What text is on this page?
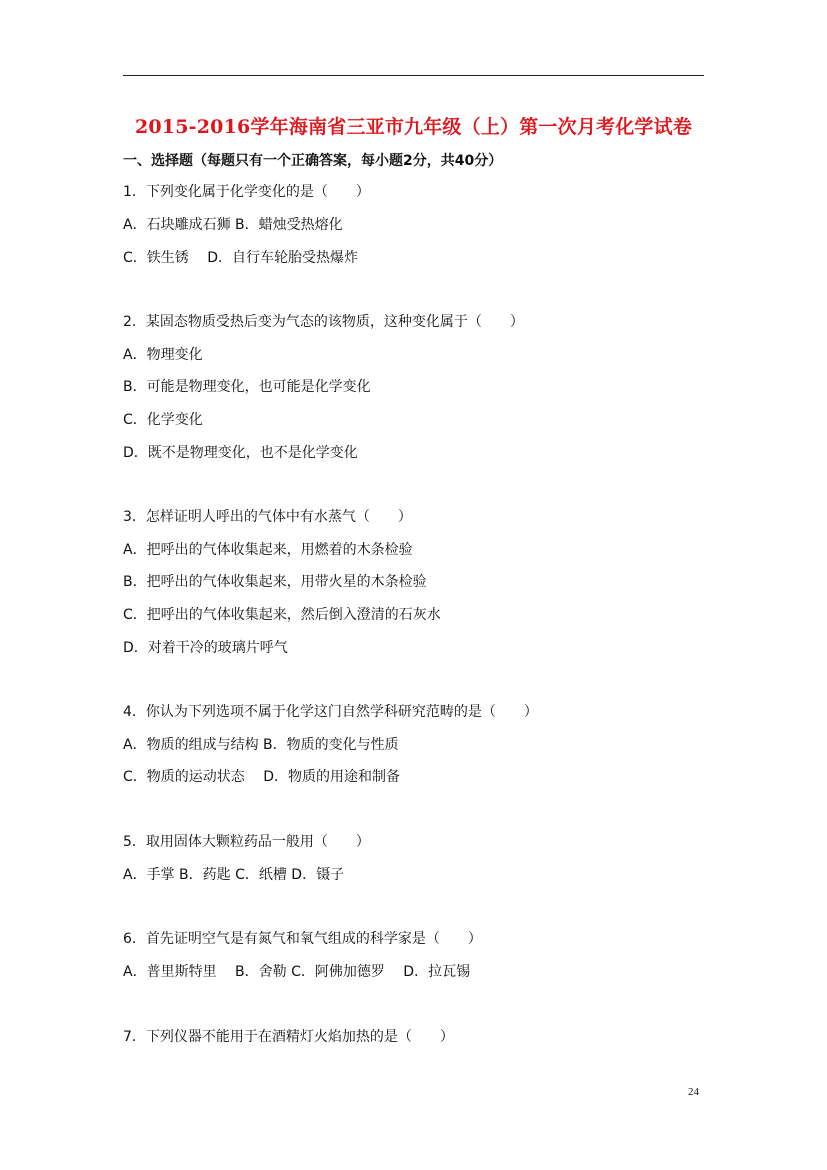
2015-2016学年海南省三亚市九年级（上）第一次月考化学试卷
一、选择题（每题只有一个正确答案，每小题2分，共40分）
1．下列变化属于化学变化的是（　　）
A．石块雕成石狮 B．蜡烛受热熔化
C．铁生锈　 D．自行车轮胎受热爆炸
2．某固态物质受热后变为气态的该物质，这种变化属于（　　）
A．物理变化
B．可能是物理变化，也可能是化学变化
C．化学变化
D．既不是物理变化，也不是化学变化
3．怎样证明人呼出的气体中有水蒸气（　　）
A．把呼出的气体收集起来，用燃着的木条检验
B．把呼出的气体收集起来，用带火星的木条检验
C．把呼出的气体收集起来，然后倒入澄清的石灰水
D．对着干冷的玻璃片呼气
4．你认为下列选项不属于化学这门自然学科研究范畴的是（　　）
A．物质的组成与结构 B．物质的变化与性质
C．物质的运动状态　 D．物质的用途和制备
5．取用固体大颗粒药品一般用（　　）
A．手掌 B．药匙 C．纸槽 D．镊子
6．首先证明空气是有氮气和氧气组成的科学家是（　　）
A．普里斯特里　 B．舍勒 C．阿佛加德罗　 D．拉瓦锡
7．下列仪器不能用于在酒精灯火焰加热的是（　　）
24
